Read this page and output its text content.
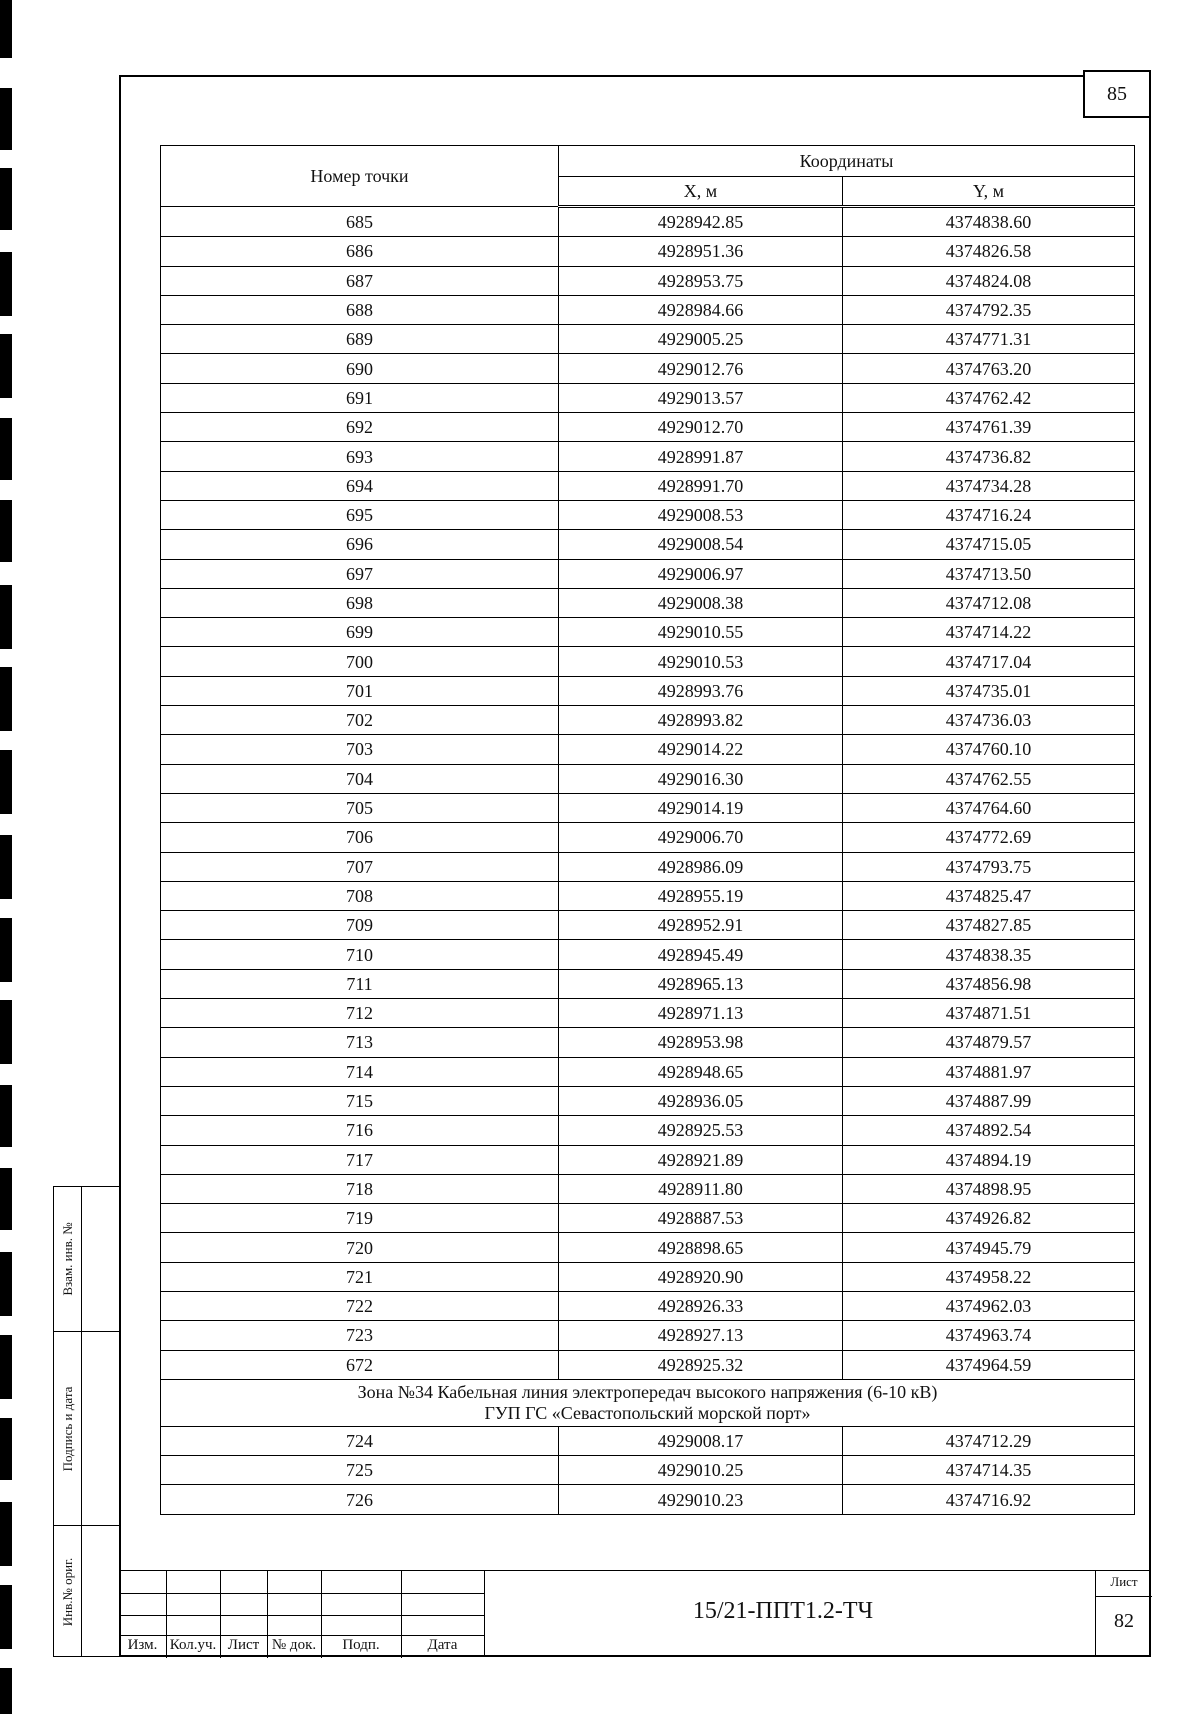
85
Взам. инв. №
Подпись и дата
Инв.№ ориг.
Номер точки	Координаты	
	X, м	Y, м
685	4928942.85	4374838.60
686	4928951.36	4374826.58
687	4928953.75	4374824.08
688	4928984.66	4374792.35
689	4929005.25	4374771.31
690	4929012.76	4374763.20
691	4929013.57	4374762.42
692	4929012.70	4374761.39
693	4928991.87	4374736.82
694	4928991.70	4374734.28
695	4929008.53	4374716.24
696	4929008.54	4374715.05
697	4929006.97	4374713.50
698	4929008.38	4374712.08
699	4929010.55	4374714.22
700	4929010.53	4374717.04
701	4928993.76	4374735.01
702	4928993.82	4374736.03
703	4929014.22	4374760.10
704	4929016.30	4374762.55
705	4929014.19	4374764.60
706	4929006.70	4374772.69
707	4928986.09	4374793.75
708	4928955.19	4374825.47
709	4928952.91	4374827.85
710	4928945.49	4374838.35
711	4928965.13	4374856.98
712	4928971.13	4374871.51
713	4928953.98	4374879.57
714	4928948.65	4374881.97
715	4928936.05	4374887.99
716	4928925.53	4374892.54
717	4928921.89	4374894.19
718	4928911.80	4374898.95
719	4928887.53	4374926.82
720	4928898.65	4374945.79
721	4928920.90	4374958.22
722	4928926.33	4374962.03
723	4928927.13	4374963.74
672	4928925.32	4374964.59

Зона №34 Кабельная линия электропередач высокого напряжения (6-10 кВ)
ГУП ГС «Севастопольский морской порт»		

724	4929008.17	4374712.29
725	4929010.25	4374714.35
726	4929010.23	4374716.92
Изм. Кол.уч. Лист № док.	Подп.	Дата
15/21-ППТ1.2-ТЧ
Лист
82
